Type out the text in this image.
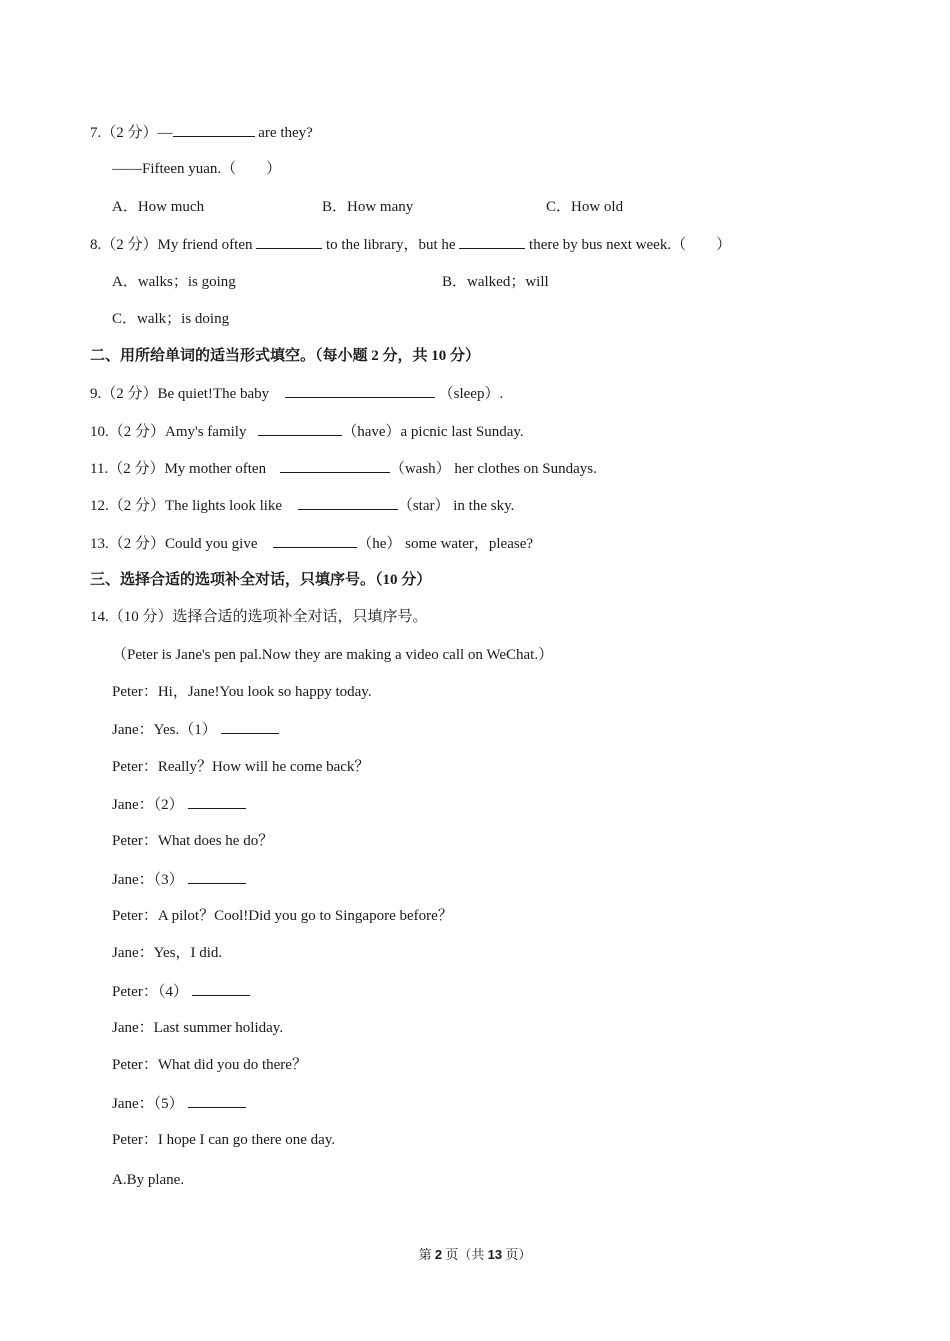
7.（2 分）—	are they?
——Fifteen yuan.（　　）
A．How much	B．How many	C．How old
8.（2 分）My friend often	to the library，but he	there by bus next week.（　　）
A．walks；is going	B．walked；will
C．walk；is doing
二、用所给单词的适当形式填空。（每小题 2 分，共 10 分）
9.（2 分）Be quiet!The baby	（sleep）.
10.（2 分）Amy's family	（have）a picnic last Sunday.
11.（2 分）My mother often	（wash） her clothes on Sundays.
12.（2 分）The lights look like	（star） in the sky.
13.（2 分）Could you give	（he） some water，please?
三、选择合适的选项补全对话，只填序号。（10 分）
14.（10 分）选择合适的选项补全对话，只填序号。
（Peter is Jane's pen pal.Now they are making a video call on WeChat.）
Peter：Hi，Jane!You look so happy today.
Jane：Yes.（1）
Peter：Really？How will he come back？
Jane：（2）
Peter：What does he do？
Jane：（3）
Peter：A pilot？Cool!Did you go to Singapore before？
Jane：Yes，I did.
Peter：（4）
Jane：Last summer holiday.
Peter：What did you do there？
Jane：（5）
Peter：I hope I can go there one day.
A.By plane.
第 2 页（共 13 页）
